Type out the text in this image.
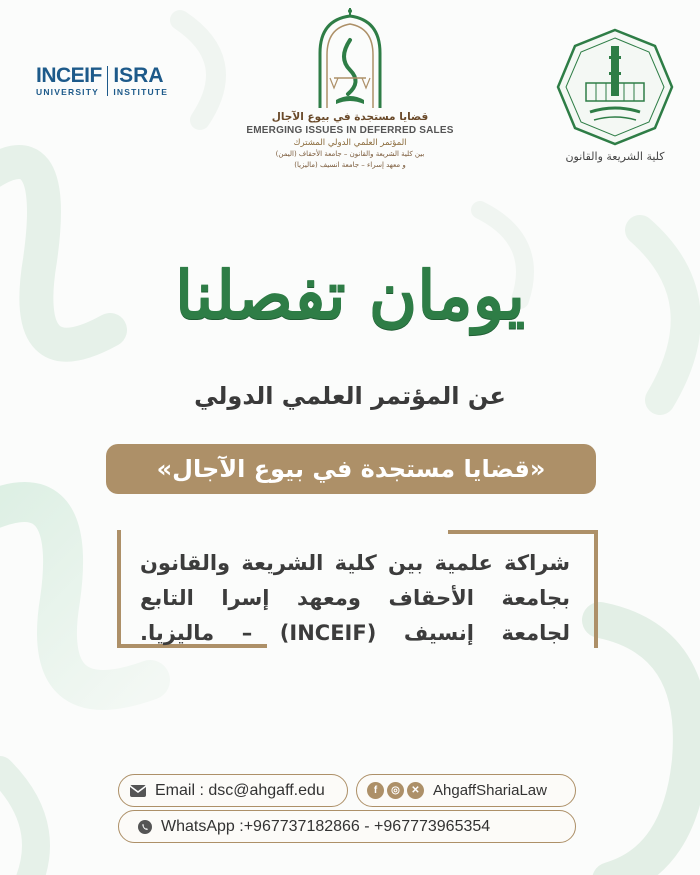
INCEIF
UNIVERSITY
ISRA
INSTITUTE
قضايا مستجدة في بيوع الآجال
EMERGING ISSUES IN DEFERRED SALES
المؤتمر العلمي الدولي المشترك
بين كلية الشريعة والقانون – جامعة الأحقاف (اليمن)
و معهد إسراء – جامعة انسيف (ماليزيا)
كلية الشريعة والقانون
يومان تفصلنا
عن المؤتمر العلمي الدولي
«قضايا مستجدة في بيوع الآجال»
شراكة علمية بين كلية الشريعة والقانون
بجامعة الأحقاف ومعهد إسرا التابع
لجامعة إنسيف (INCEIF) – ماليزيا.
Email : dsc@ahgaff.edu	f	◎	✕ AhgaffShariaLaw
WhatsApp :+967737182866 - +967773965354
